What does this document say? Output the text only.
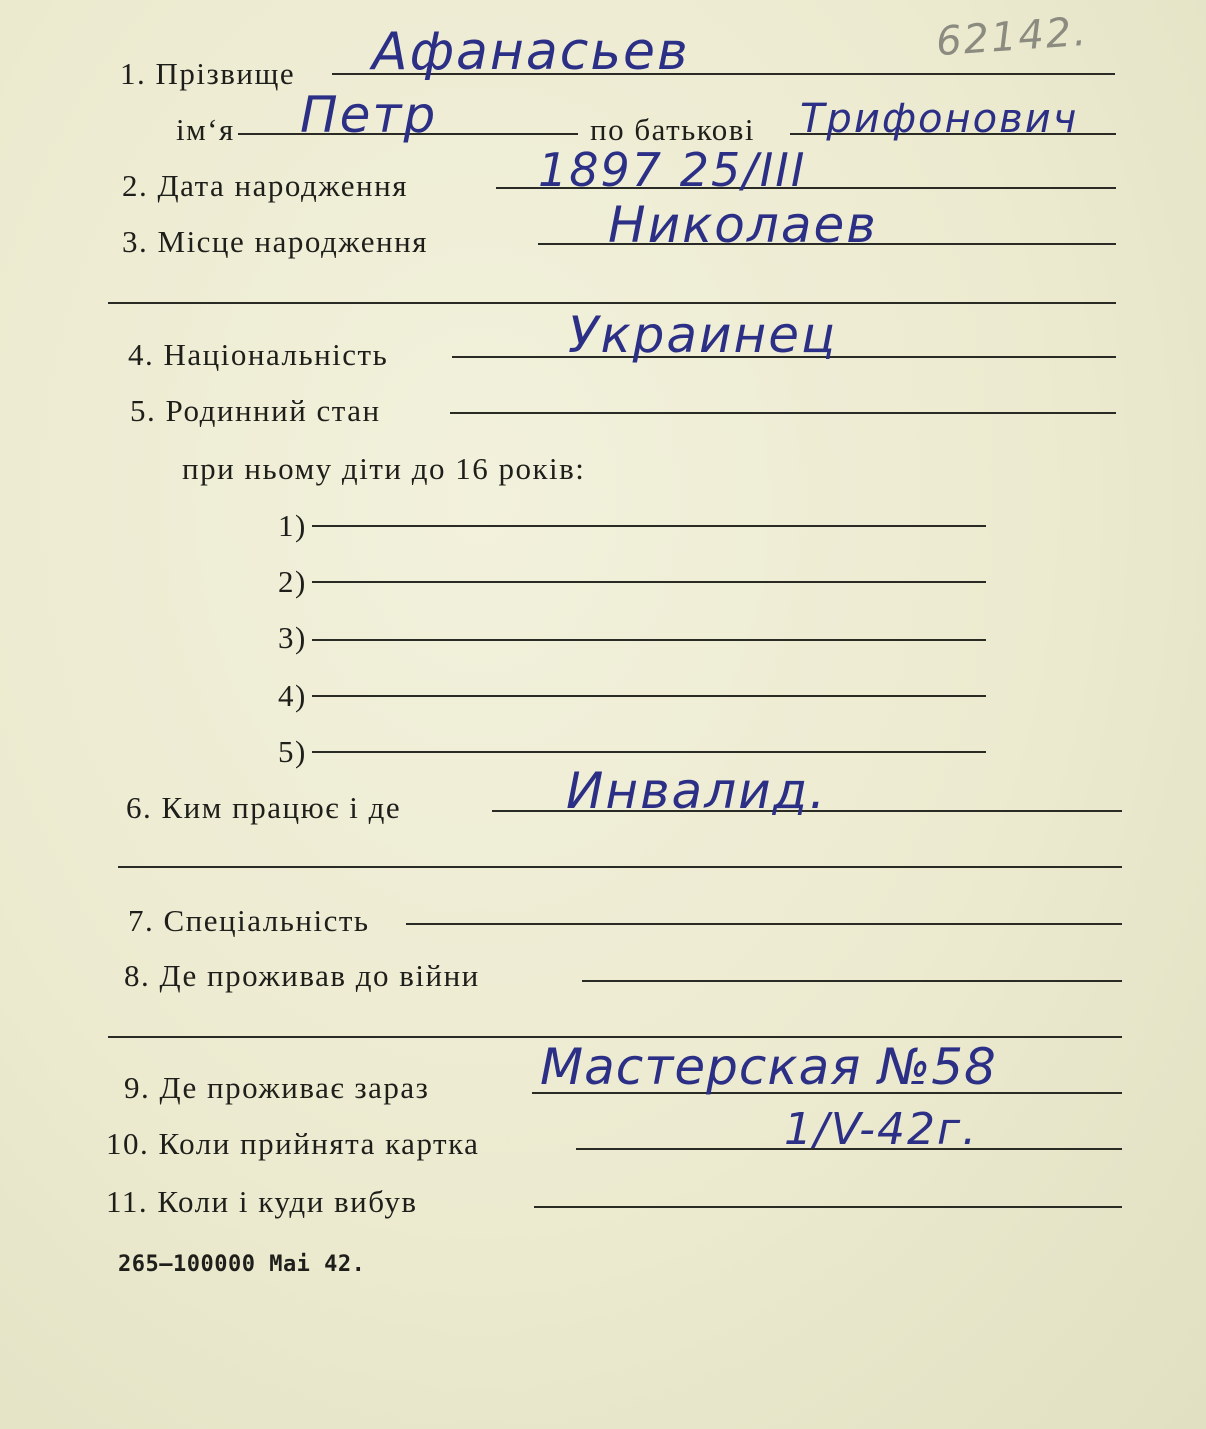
62142.
1. Прізвище Афанасьев
ім‘я Петр	по батькові Трифонович
2. Дата народження	1897 25/III
3. Місце народження	Николаев
4. Національність	Украинец
5. Родинний стан
при ньому діти до 16 років:
1)
2)
3)
4)
5)
6. Ким працює і де	Инвалид.
7. Спеціальність
8. Де проживав до війни
9. Де проживає зараз Мастерская №58
10. Коли прийнята картка	1/V-42г.
11. Коли і куди вибув
265—100000 Mai 42.
